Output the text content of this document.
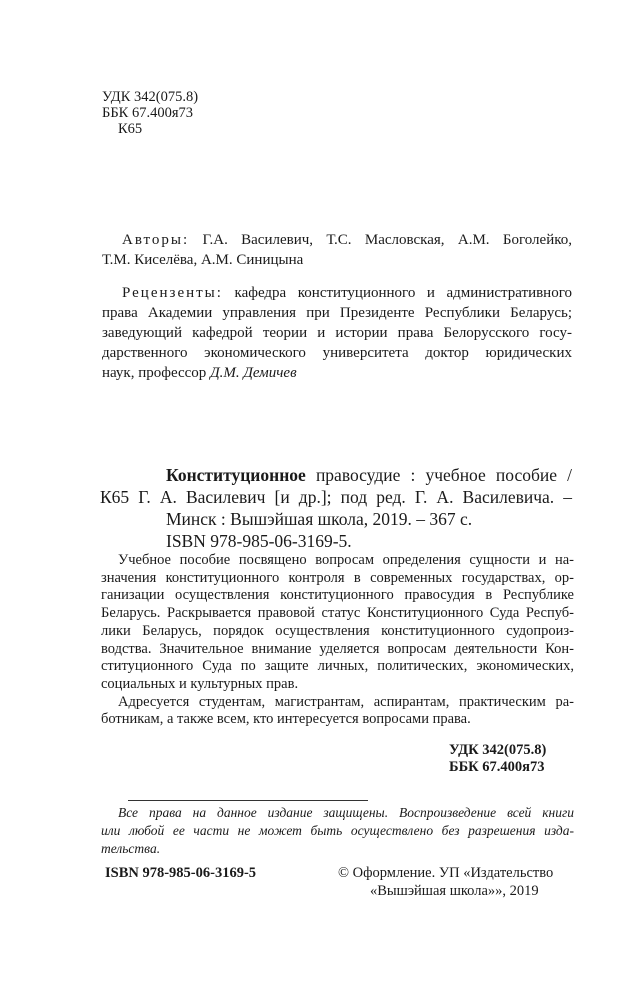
УДК 342(075.8)
ББК 67.400я73
К65
Авторы: Г.А. Василевич, Т.С. Масловская, А.М. Боголейко,
Т.М. Киселёва, А.М. Синицына
Рецензенты: кафедра конституционного и административного
права Академии управления при Президенте Республики Беларусь;
заведующий кафедрой теории и истории права Белорусского госу-
дарственного экономического университета доктор юридических
наук, профессор Д.М. Демичев
Конституционное правосудие : учебное пособие /
К65 Г. А. Василевич [и др.]; под ред. Г. А. Василевича. –
Минск : Вышэйшая школа, 2019. – 367 с.
ISBN 978-985-06-3169-5.
Учебное пособие посвящено вопросам определения сущности и на-
значения конституционного контроля в современных государствах, ор-
ганизации осуществления конституционного правосудия в Республике
Беларусь. Раскрывается правовой статус Конституционного Суда Респуб-
лики Беларусь, порядок осуществления конституционного судопроиз-
водства. Значительное внимание уделяется вопросам деятельности Кон-
ституционного Суда по защите личных, политических, экономических,
социальных и культурных прав.
Адресуется студентам, магистрантам, аспирантам, практическим ра-
ботникам, а также всем, кто интересуется вопросами права.
УДК 342(075.8)
ББК 67.400я73
Все права на данное издание защищены. Воспроизведение всей книги
или любой ее части не может быть осуществлено без разрешения изда-
тельства.
ISBN 978-985-06-3169-5	© Оформление. УП «Издательство
«Вышэйшая школа»», 2019
